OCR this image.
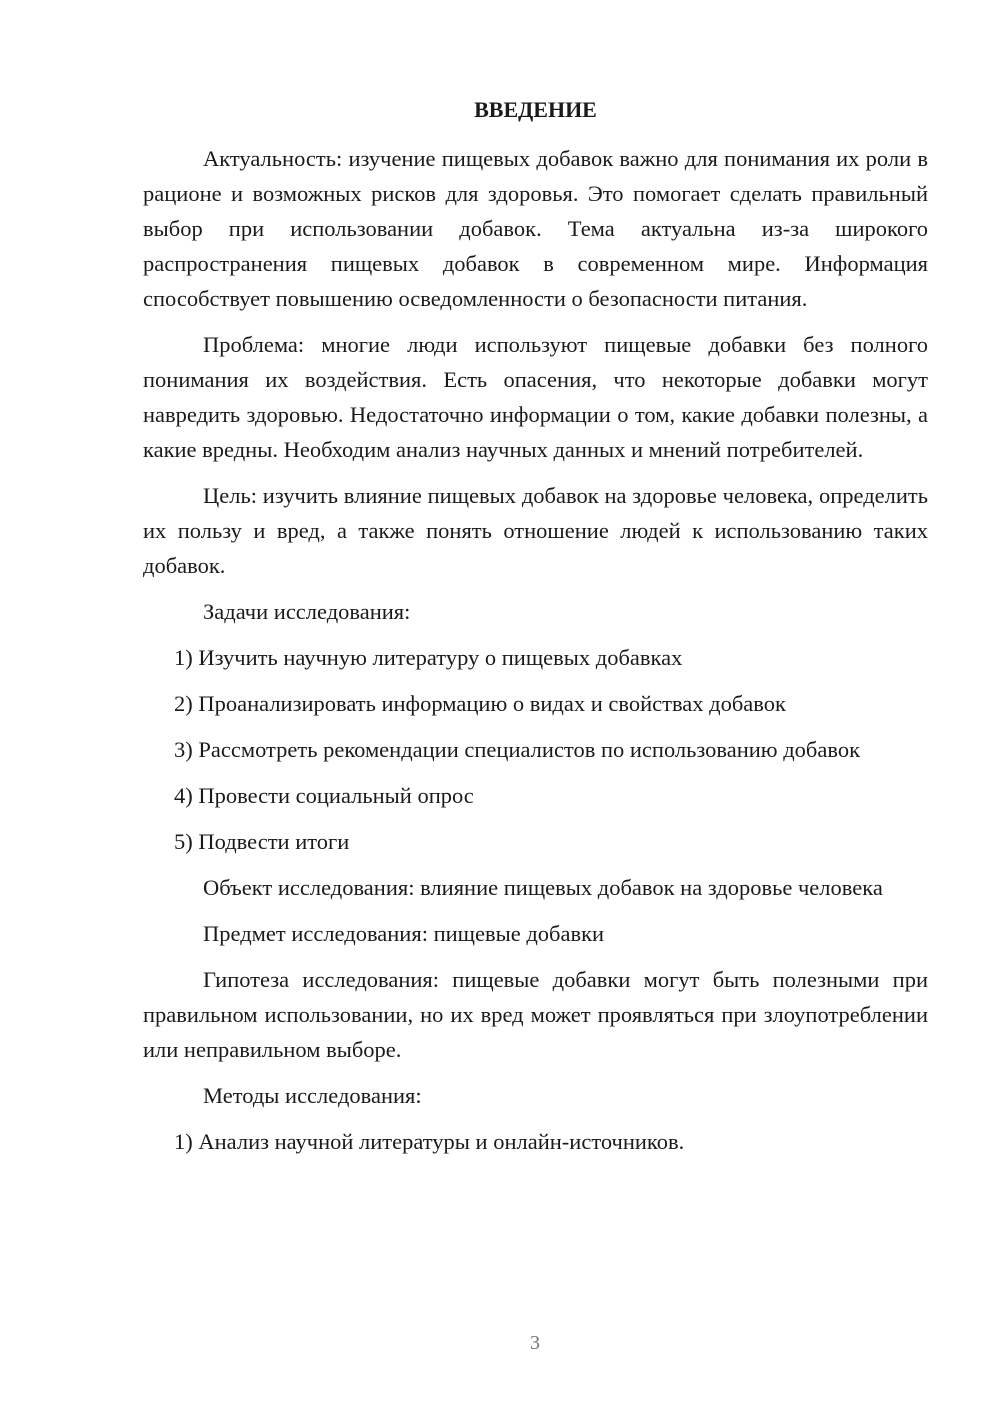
ВВЕДЕНИЕ

Актуальность: изучение пищевых добавок важно для понимания их роли в рационе и возможных рисков для здоровья. Это помогает сделать правильный выбор при использовании добавок. Тема актуальна из-за широкого распространения пищевых добавок в современном мире. Информация способствует повышению осведомленности о безопасности питания.

Проблема: многие люди используют пищевые добавки без полного понимания их воздействия. Есть опасения, что некоторые добавки могут навредить здоровью. Недостаточно информации о том, какие добавки полезны, а какие вредны. Необходим анализ научных данных и мнений потребителей.

Цель: изучить влияние пищевых добавок на здоровье человека, определить их пользу и вред, а также понять отношение людей к использованию таких добавок.

Задачи исследования:

1) Изучить научную литературу о пищевых добавках

2) Проанализировать информацию о видах и свойствах добавок

3) Рассмотреть рекомендации специалистов по использованию добавок

4) Провести социальный опрос

5) Подвести итоги

Объект исследования: влияние пищевых добавок на здоровье человека

Предмет исследования: пищевые добавки

Гипотеза исследования: пищевые добавки могут быть полезными при правильном использовании, но их вред может проявляться при злоупотреблении или неправильном выборе.

Методы исследования:

1) Анализ научной литературы и онлайн-источников.

3
